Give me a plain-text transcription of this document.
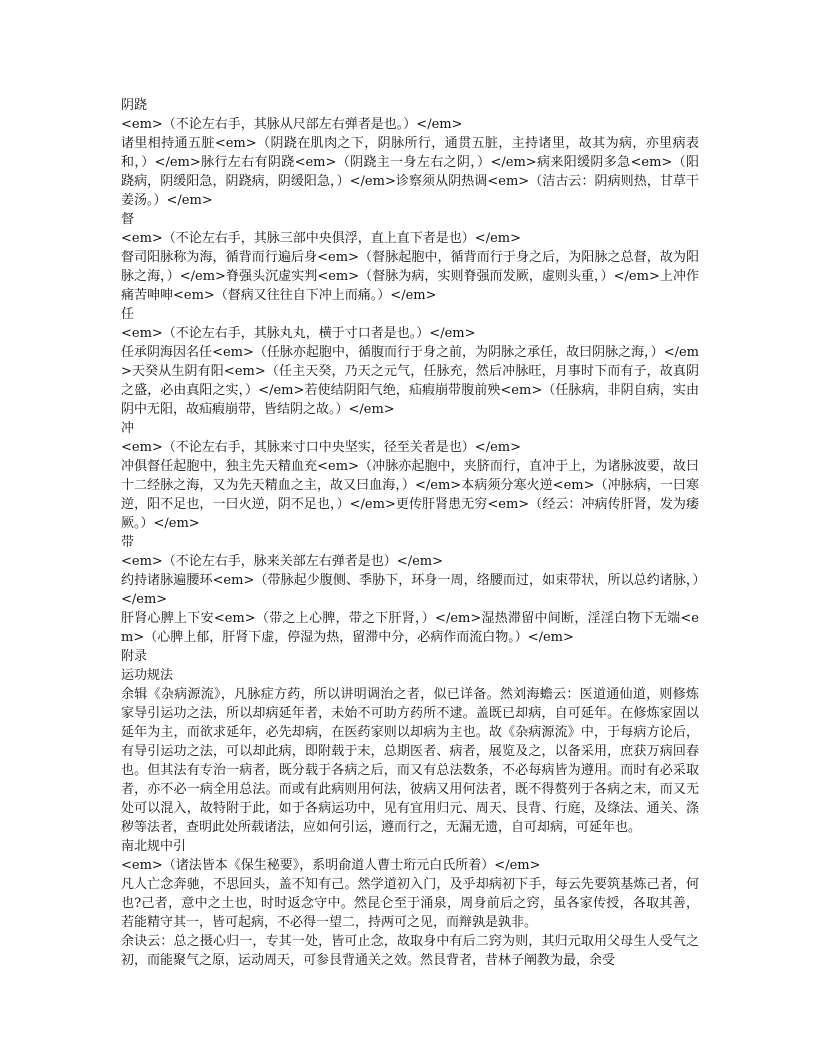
阴跷

<em>（不论左右手，其脉从尺部左右弹者是也。）</em>

诸里相持通五脏<em>（阴跷在肌肉之下，阴脉所行，通贯五脏，主持诸里，故其为病，亦里病表和，）</em>脉行左右有阴跷<em>（阴跷主一身左右之阴，）</em>病来阳缓阴多急<em>（阳跷病，阴缓阳急，阴跷病，阴缓阳急，）</em>诊察须从阴热调<em>（洁古云：阴病则热，甘草干姜汤。）</em>

督

<em>（不论左右手，其脉三部中央俱浮，直上直下者是也）</em>

督司阳脉称为海，循背而行遍后身<em>（督脉起胞中，循背而行于身之后，为阳脉之总督，故为阳脉之海，）</em>脊强头沉虚实判<em>（督脉为病，实则脊强而发厥，虚则头重，）</em>上冲作痛苦呻呻<em>（督病又往往自下冲上而痛。）</em>

任

<em>（不论左右手，其脉丸丸，横于寸口者是也。）</em>

任承阴海因名任<em>（任脉亦起胞中，循腹而行于身之前，为阴脉之承任，故曰阴脉之海，）</em>天癸从生阴有阳<em>（任主天癸，乃天之元气，任脉充，然后冲脉旺，月事时下而有子，故真阴之盛，必由真阳之实，）</em>若使结阴阳气绝，疝瘕崩带腹前殃<em>（任脉病，非阴自病，实由阴中无阳，故疝瘕崩带，皆结阴之故。）</em>

冲

<em>（不论左右手，其脉来寸口中央坚实，径至关者是也）</em>

冲俱督任起胞中，独主先天精血充<em>（冲脉亦起胞中，夹脐而行，直冲于上，为诸脉波要，故曰十二经脉之海，又为先天精血之主，故又曰血海，）</em>本病须分寒火逆<em>（冲脉病，一曰寒逆，阳不足也，一曰火逆，阴不足也，）</em>更传肝肾患无穷<em>（经云：冲病传肝肾，发为痿厥。）</em>

带

<em>（不论左右手，脉来关部左右弹者是也）</em>

约持诸脉遍腰环<em>（带脉起少腹侧、季胁下，环身一周，络腰而过，如束带状，所以总约诸脉，）</em>

肝肾心脾上下安<em>（带之上心脾，带之下肝肾，）</em>湿热滞留中间断，淫淫白物下无端<em>（心脾上郁，肝肾下虚，停湿为热，留滞中分，必病作而流白物。）</em>

附录

运功规法

余辑《杂病源流》，凡脉症方药，所以讲明调治之者，似已详备。然刘海蟾云：医道通仙道，则修炼家导引运功之法，所以却病延年者，未始不可助方药所不逮。盖既已却病，自可延年。在修炼家固以延年为主，而欲求延年，必先却病，在医药家则以却病为主也。故《杂病源流》中，于每病方论后，有导引运功之法，可以却此病，即附载于末，总期医者、病者，展览及之，以备采用，庶获万病回春也。但其法有专治一病者，既分载于各病之后，而又有总法数条，不必每病皆为遵用。而时有必采取者，亦不必一病全用总法。而或有此病则用何法，彼病又用何法者，既不得赘列于各病之末，而又无处可以混入，故特附于此，如于各病运功中，见有宜用归元、周天、艮背、行庭，及绦法、通关、涤秽等法者，查明此处所载诸法，应如何引运，遵而行之，无漏无遗，自可却病，可延年也。

南北规中引

<em>（诸法皆本《保生秘要》，系明俞道人曹士珩元白氏所着）</em>

凡人亡念奔驰，不思回头，盖不知有己。然学道初入门，及乎却病初下手，每云先要筑基炼己者，何也?己者，意中之土也，时时返念守中。然昆仑至于涌泉，周身前后之窍，虽各家传授，各取其善，若能精守其一，皆可起病，不必得一望二，持两可之见，而辩孰是孰非。

余诀云：总之摄心归一，专其一处，皆可止念，故取身中有后二窍为则，其归元取用父母生人受气之初，而能聚气之原，运动周天，可参艮背通关之效。然艮背者，昔林子阐教为最，余受
